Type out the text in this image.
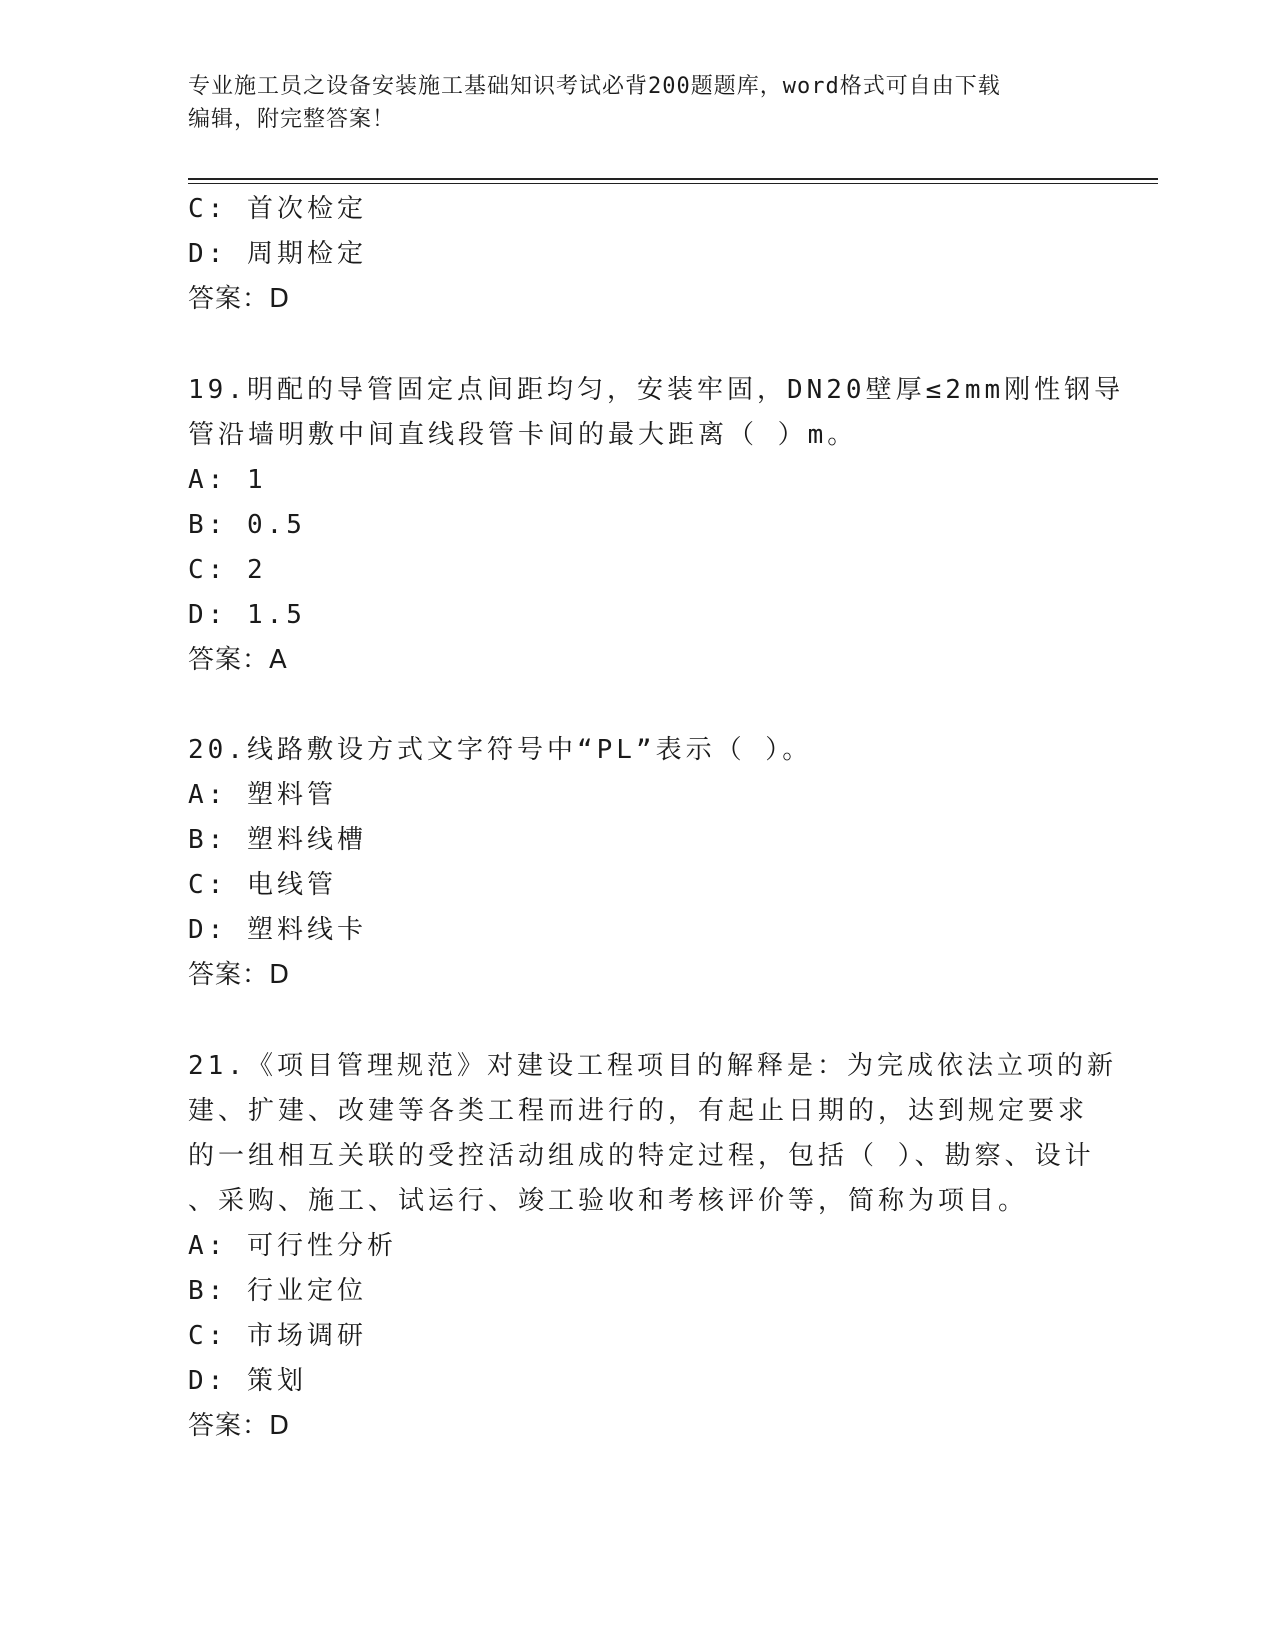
专业施工员之设备安装施工基础知识考试必背200题题库，word格式可自由下载
编辑，附完整答案！
C: 首次检定
D: 周期检定
答案：D
19.明配的导管固定点间距均匀，安装牢固，DN20壁厚≤2mm刚性钢导
管沿墙明敷中间直线段管卡间的最大距离（ ）m。
A: 1
B: 0.5
C: 2
D: 1.5
答案：A
20.线路敷设方式文字符号中“PL”表示（ ）。
A: 塑料管
B: 塑料线槽
C: 电线管
D: 塑料线卡
答案：D
21.《项目管理规范》对建设工程项目的解释是：为完成依法立项的新
建、扩建、改建等各类工程而进行的，有起止日期的，达到规定要求
的一组相互关联的受控活动组成的特定过程，包括（ ）、勘察、设计
、采购、施工、试运行、竣工验收和考核评价等，简称为项目。
A: 可行性分析
B: 行业定位
C: 市场调研
D: 策划
答案：D
